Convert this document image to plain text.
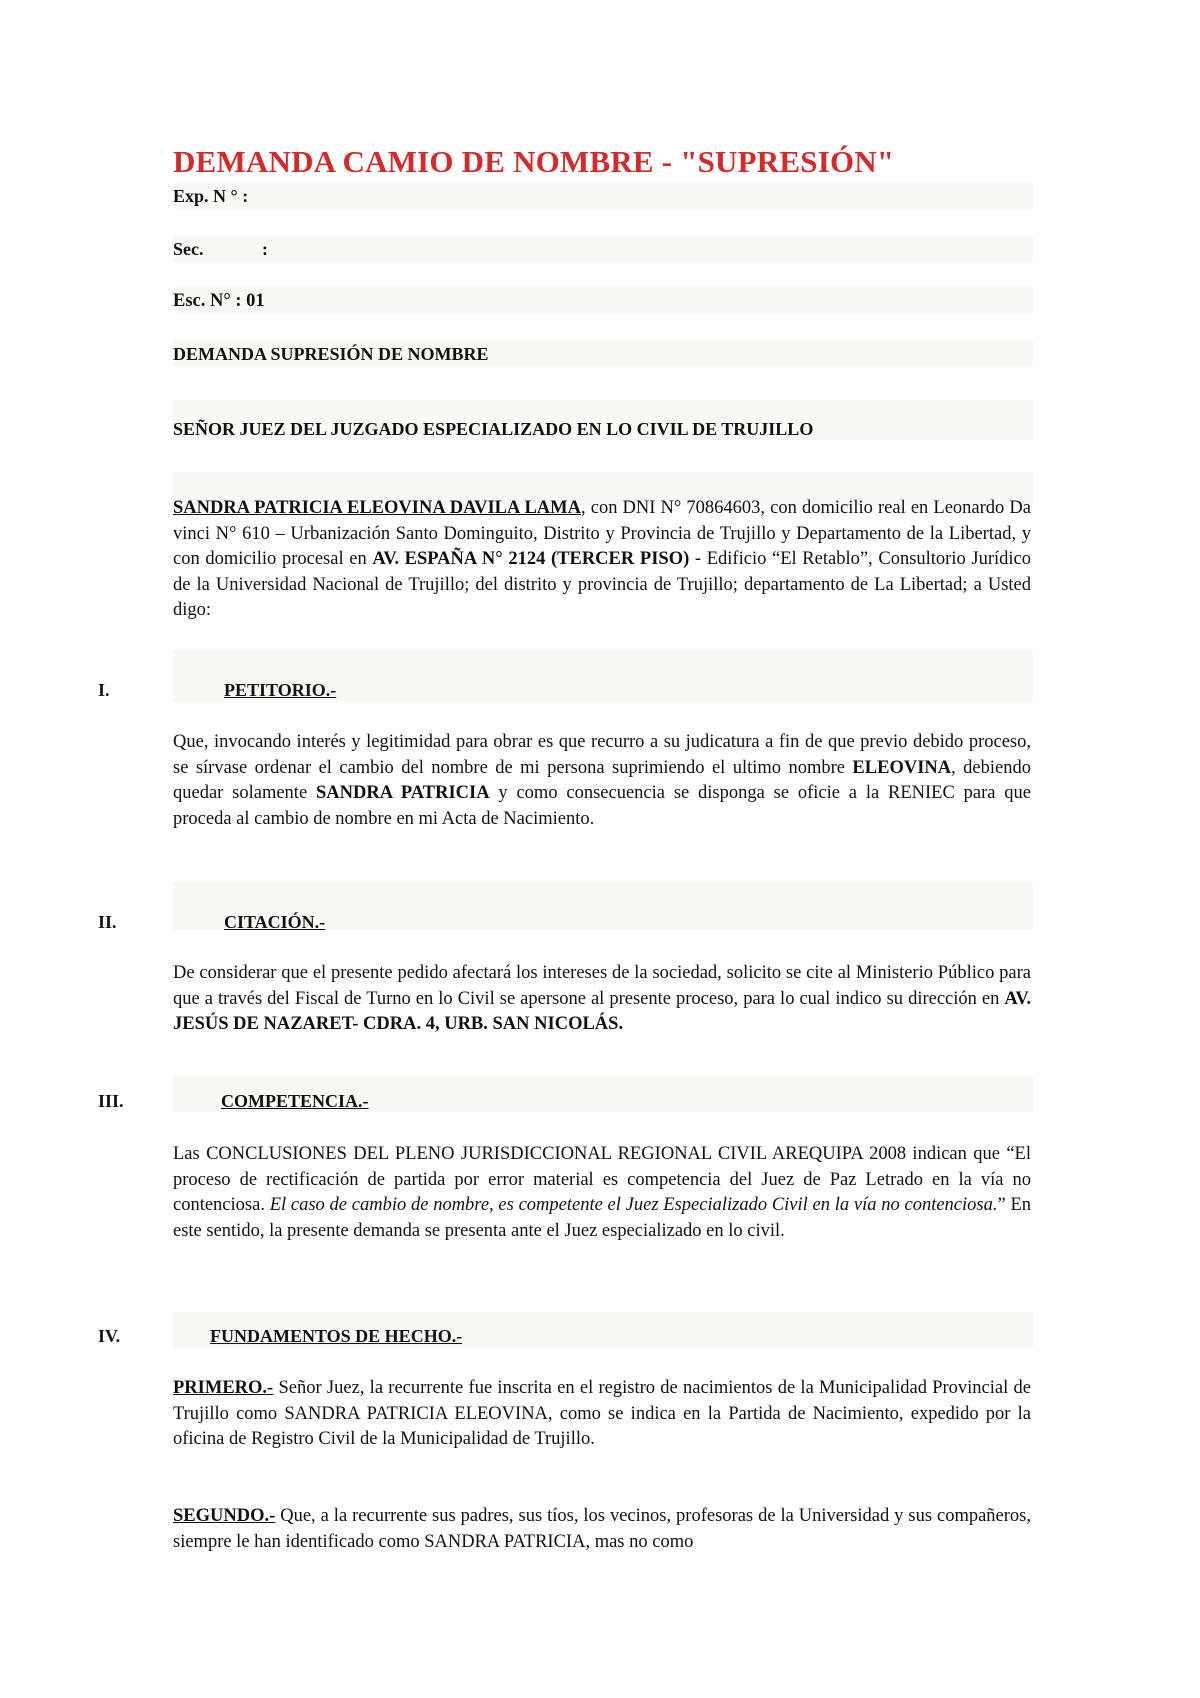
DEMANDA CAMIO DE NOMBRE - "SUPRESIÓN"
Exp. N ° :
Sec.	:
Esc. N° : 01
DEMANDA SUPRESIÓN DE NOMBRE
SEÑOR JUEZ DEL JUZGADO ESPECIALIZADO EN LO CIVIL DE TRUJILLO
SANDRA PATRICIA ELEOVINA DAVILA LAMA, con DNI N° 70864603, con domicilio real en Leonardo Da vinci N° 610 – Urbanización Santo Dominguito, Distrito y Provincia de Trujillo y Departamento de la Libertad, y con domicilio procesal en AV. ESPAÑA N° 2124 (TERCER PISO) - Edificio “El Retablo”, Consultorio Jurídico de la Universidad Nacional de Trujillo; del distrito y provincia de Trujillo; departamento de La Libertad; a Usted digo:
I.	PETITORIO.-
Que, invocando interés y legitimidad para obrar es que recurro a su judicatura a fin de que previo debido proceso, se sírvase ordenar el cambio del nombre de mi persona suprimiendo el ultimo nombre ELEOVINA, debiendo quedar solamente SANDRA PATRICIA y como consecuencia se disponga se oficie a la RENIEC para que proceda al cambio de nombre en mi Acta de Nacimiento.
II.	CITACIÓN.-
De considerar que el presente pedido afectará los intereses de la sociedad, solicito se cite al Ministerio Público para que a través del Fiscal de Turno en lo Civil se apersone al presente proceso, para lo cual indico su dirección en AV. JESÚS DE NAZARET- CDRA. 4, URB. SAN NICOLÁS.
III.	COMPETENCIA.-
Las CONCLUSIONES DEL PLENO JURISDICCIONAL REGIONAL CIVIL AREQUIPA 2008 indican que “El proceso de rectificación de partida por error material es competencia del Juez de Paz Letrado en la vía no contenciosa. El caso de cambio de nombre, es competente el Juez Especializado Civil en la vía no contenciosa.” En este sentido, la presente demanda se presenta ante el Juez especializado en lo civil.
IV.	FUNDAMENTOS DE HECHO.-
PRIMERO.- Señor Juez, la recurrente fue inscrita en el registro de nacimientos de la Municipalidad Provincial de Trujillo como SANDRA PATRICIA ELEOVINA, como se indica en la Partida de Nacimiento, expedido por la oficina de Registro Civil de la Municipalidad de Trujillo.
SEGUNDO.- Que, a la recurrente sus padres, sus tíos, los vecinos, profesoras de la Universidad y sus compañeros, siempre le han identificado como SANDRA PATRICIA, mas no como
